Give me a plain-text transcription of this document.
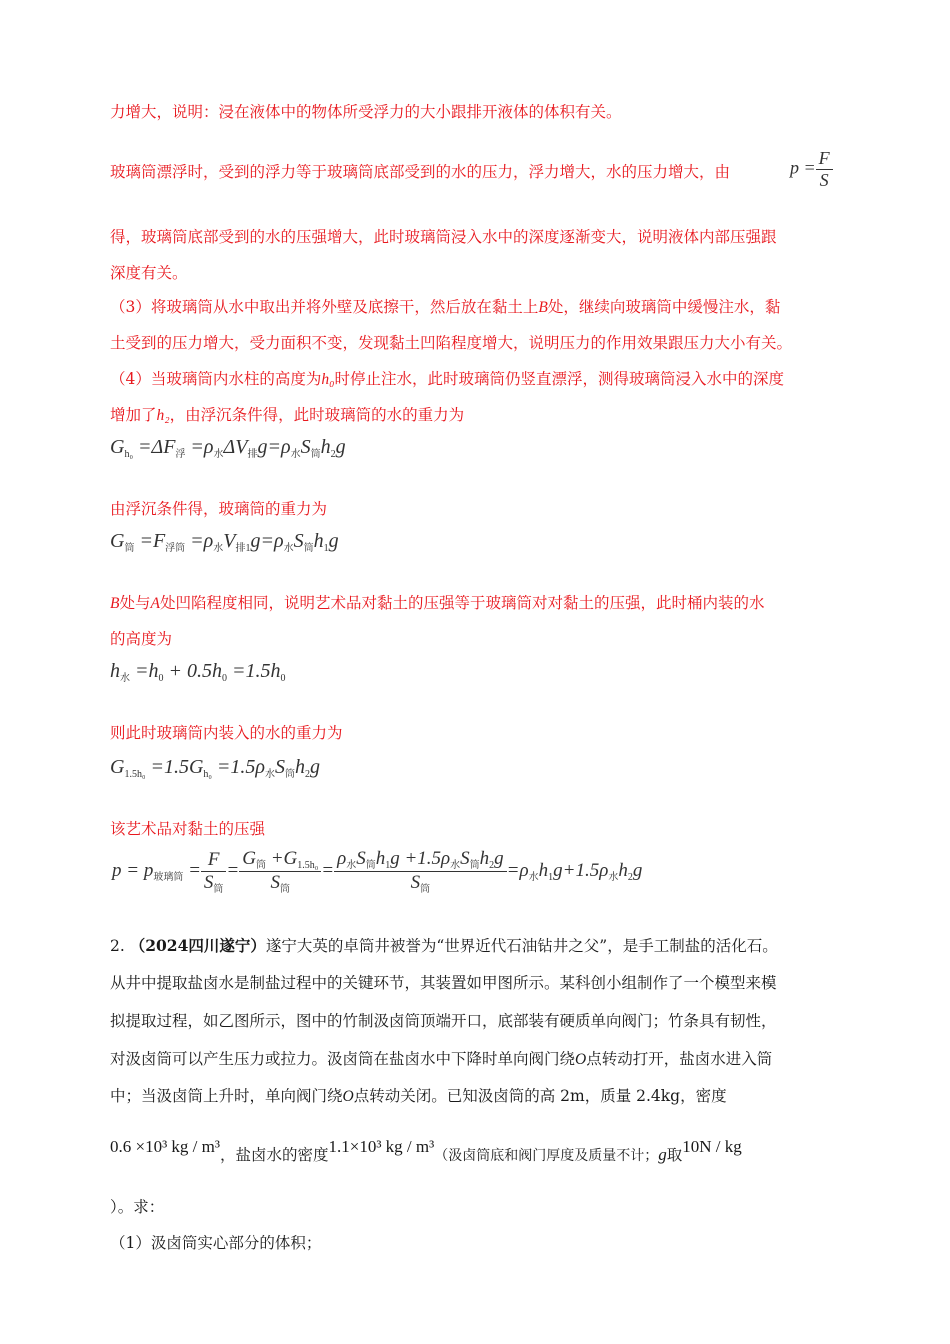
力增大，说明：浸在液体中的物体所受浮力的大小跟排开液体的体积有关。
玻璃筒漂浮时，受到的浮力等于玻璃筒底部受到的水的压力，浮力增大，水的压力增大，由	$p = \frac{F}{S}$
得，玻璃筒底部受到的水的压强增大，此时玻璃筒浸入水中的深度逐渐变大，说明液体内部压强跟
深度有关。
（3）将玻璃筒从水中取出并将外壁及底擦干，然后放在黏土上B处，继续向玻璃筒中缓慢注水，黏
土受到的压力增大，受力面积不变，发现黏土凹陷程度增大，说明压力的作用效果跟压力大小有关。
（4）当玻璃筒内水柱的高度为h₀时停止注水，此时玻璃筒仍竖直漂浮，测得玻璃筒浸入水中的深度
增加了h₂，由浮沉条件得，此时玻璃筒的水的重力为
$G_{h_0} =\Delta F_浮 =\rho_水\Delta V_排g=\rho_水S_筒h_2g$
由浮沉条件得，玻璃筒的重力为
$G_筒 =F_{浮筒} =\rho_水V_{排1}g=\rho_水S_筒h_1g$
B处与A处凹陷程度相同，说明艺术品对黏土的压强等于玻璃筒对对黏土的压强，此时桶内装的水
的高度为
$h_水 =h_0 + 0.5h_0 =1.5h_0$
则此时玻璃筒内装入的水的重力为
$G_{1.5h_0} =1.5G_{h_0} =1.5\rho_水S_筒h_2g$
该艺术品对黏土的压强
$p = p_{玻璃筒} = \frac{F}{S_筒} = \frac{G_筒 +G_{1.5h_0}}{S_筒} = \frac{\rho_水S_筒h_1g +1.5\rho_水S_筒h_2g}{S_筒} =\rho_水h_1g+1.5\rho_水h_2g$
2. （2024四川遂宁）遂宁大英的卓筒井被誉为“世界近代石油钻井之父”，是手工制盐的活化石。
从井中提取盐卤水是制盐过程中的关键环节，其装置如甲图所示。某科创小组制作了一个模型来模
拟提取过程，如乙图所示，图中的竹制汲卤筒顶端开口，底部装有硬质单向阀门；竹条具有韧性，
对汲卤筒可以产生压力或拉力。汲卤筒在盐卤水中下降时单向阀门绕O点转动打开，盐卤水进入筒
中；当汲卤筒上升时，单向阀门绕O点转动关闭。已知汲卤筒的高 2m，质量 2.4kg，密度
0.6 ×10³ kg / m³，盐卤水的密度1.1×10³ kg / $m^3_{(汲卤筒底和阀门厚度及质量不计;}g$取10N / kg
）。求：
（1）汲卤筒实心部分的体积；
